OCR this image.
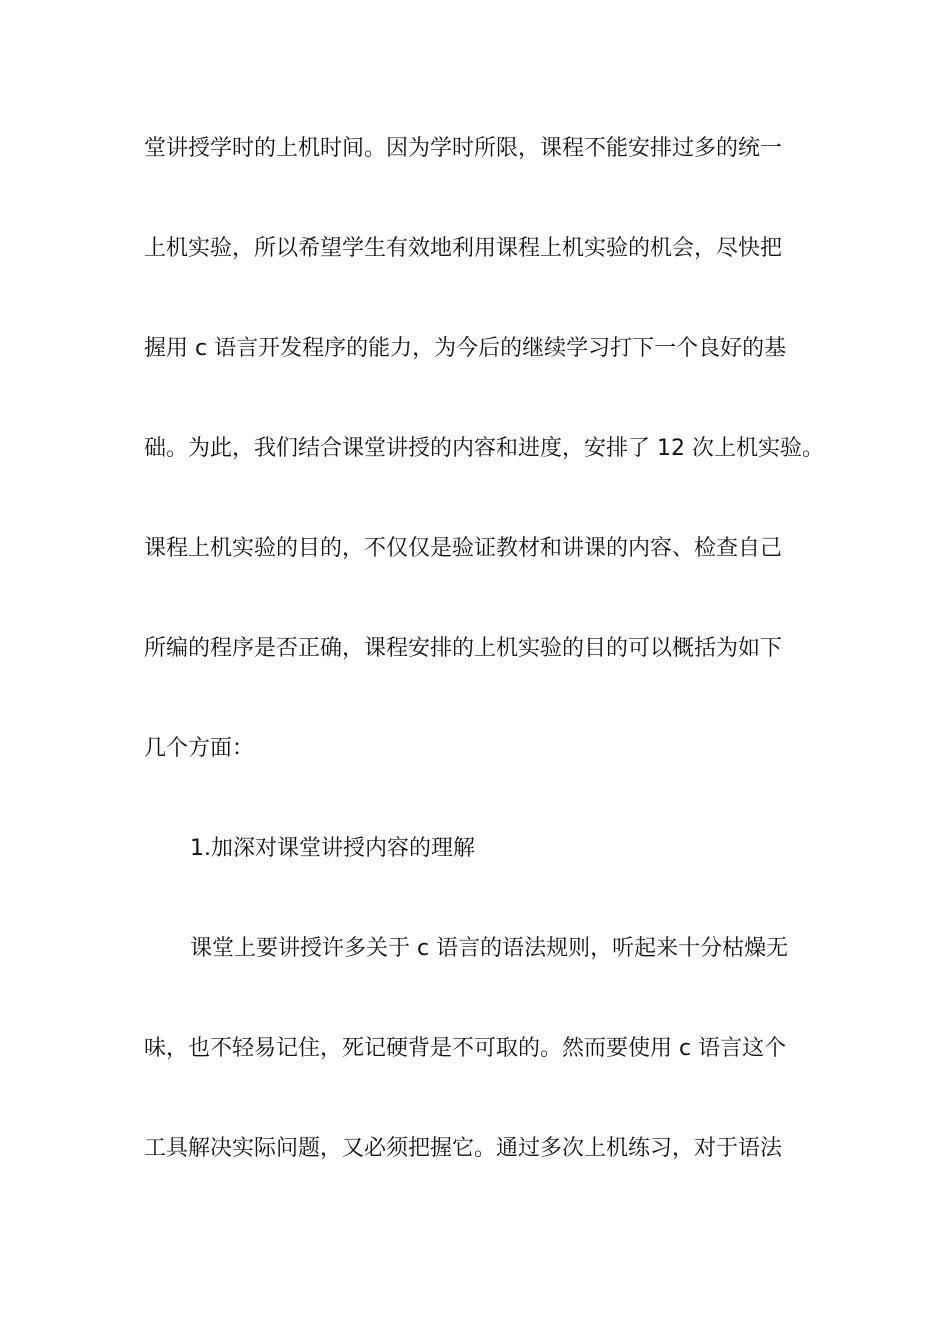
堂讲授学时的上机时间。因为学时所限，课程不能安排过多的统一
上机实验，所以希望学生有效地利用课程上机实验的机会，尽快把
握用 c 语言开发程序的能力，为今后的继续学习打下一个良好的基
础。为此，我们结合课堂讲授的内容和进度，安排了 12 次上机实验。
课程上机实验的目的，不仅仅是验证教材和讲课的内容、检查自己
所编的程序是否正确，课程安排的上机实验的目的可以概括为如下
几个方面：
1.加深对课堂讲授内容的理解
课堂上要讲授许多关于 c 语言的语法规则，听起来十分枯燥无
味，也不轻易记住，死记硬背是不可取的。然而要使用 c 语言这个
工具解决实际问题，又必须把握它。通过多次上机练习，对于语法
